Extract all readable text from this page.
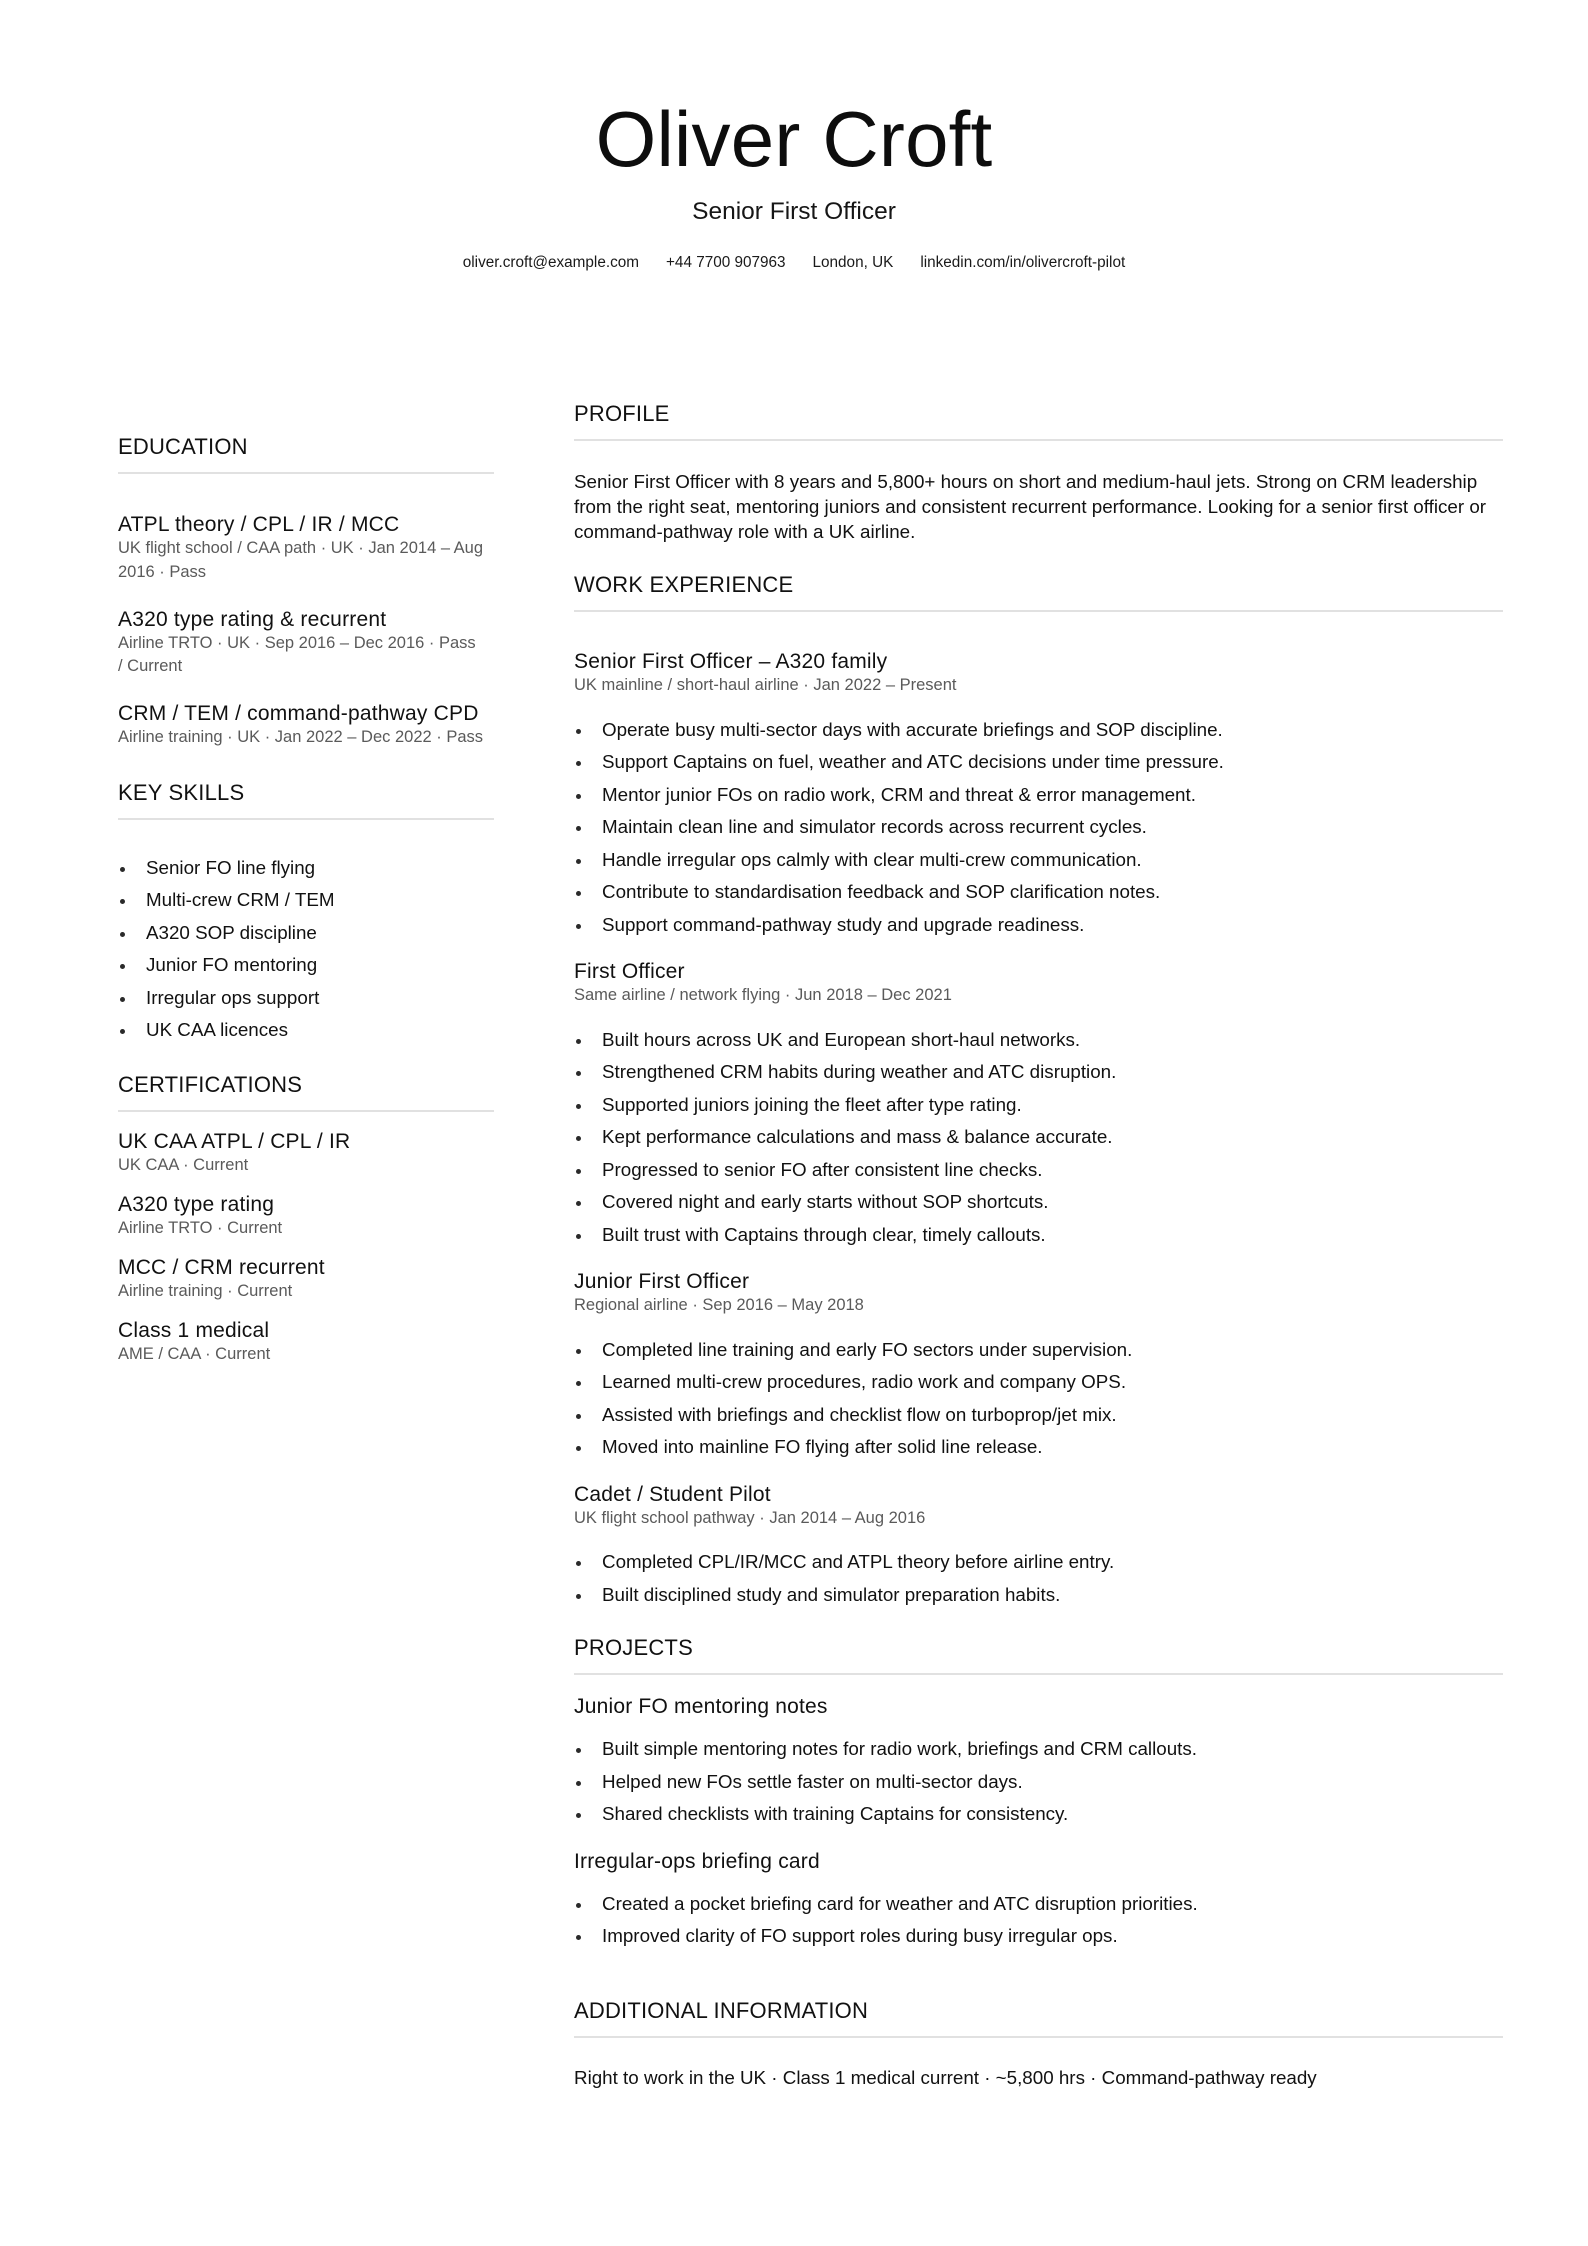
Oliver Croft
Senior First Officer
oliver.croft@example.com +44 7700 907963 London, UK linkedin.com/in/olivercroft-pilot
EDUCATION
ATPL theory / CPL / IR / MCC
UK flight school / CAA path · UK · Jan 2014 – Aug 2016 · Pass
A320 type rating & recurrent
Airline TRTO · UK · Sep 2016 – Dec 2016 · Pass / Current
CRM / TEM / command-pathway CPD
Airline training · UK · Jan 2022 – Dec 2022 · Pass
KEY SKILLS
Senior FO line flying
Multi-crew CRM / TEM
A320 SOP discipline
Junior FO mentoring
Irregular ops support
UK CAA licences
CERTIFICATIONS
UK CAA ATPL / CPL / IR
UK CAA · Current
A320 type rating
Airline TRTO · Current
MCC / CRM recurrent
Airline training · Current
Class 1 medical
AME / CAA · Current
PROFILE

Senior First Officer with 8 years and 5,800+ hours on short and medium-haul jets. Strong on CRM leadership from the right seat, mentoring juniors and consistent recurrent performance. Looking for a senior first officer or command-pathway role with a UK airline.

WORK EXPERIENCE
Senior First Officer – A320 family
UK mainline / short-haul airline · Jan 2022 – Present
Operate busy multi-sector days with accurate briefings and SOP discipline.
Support Captains on fuel, weather and ATC decisions under time pressure.
Mentor junior FOs on radio work, CRM and threat & error management.
Maintain clean line and simulator records across recurrent cycles.
Handle irregular ops calmly with clear multi-crew communication.
Contribute to standardisation feedback and SOP clarification notes.
Support command-pathway study and upgrade readiness.
First Officer
Same airline / network flying · Jun 2018 – Dec 2021
Built hours across UK and European short-haul networks.
Strengthened CRM habits during weather and ATC disruption.
Supported juniors joining the fleet after type rating.
Kept performance calculations and mass & balance accurate.
Progressed to senior FO after consistent line checks.
Covered night and early starts without SOP shortcuts.
Built trust with Captains through clear, timely callouts.
Junior First Officer
Regional airline · Sep 2016 – May 2018
Completed line training and early FO sectors under supervision.
Learned multi-crew procedures, radio work and company OPS.
Assisted with briefings and checklist flow on turboprop/jet mix.
Moved into mainline FO flying after solid line release.
Cadet / Student Pilot
UK flight school pathway · Jan 2014 – Aug 2016
Completed CPL/IR/MCC and ATPL theory before airline entry.
Built disciplined study and simulator preparation habits.
PROJECTS
Junior FO mentoring notes
Built simple mentoring notes for radio work, briefings and CRM callouts.
Helped new FOs settle faster on multi-sector days.
Shared checklists with training Captains for consistency.
Irregular-ops briefing card
Created a pocket briefing card for weather and ATC disruption priorities.
Improved clarity of FO support roles during busy irregular ops.
ADDITIONAL INFORMATION

Right to work in the UK · Class 1 medical current · ~5,800 hrs · Command-pathway ready
